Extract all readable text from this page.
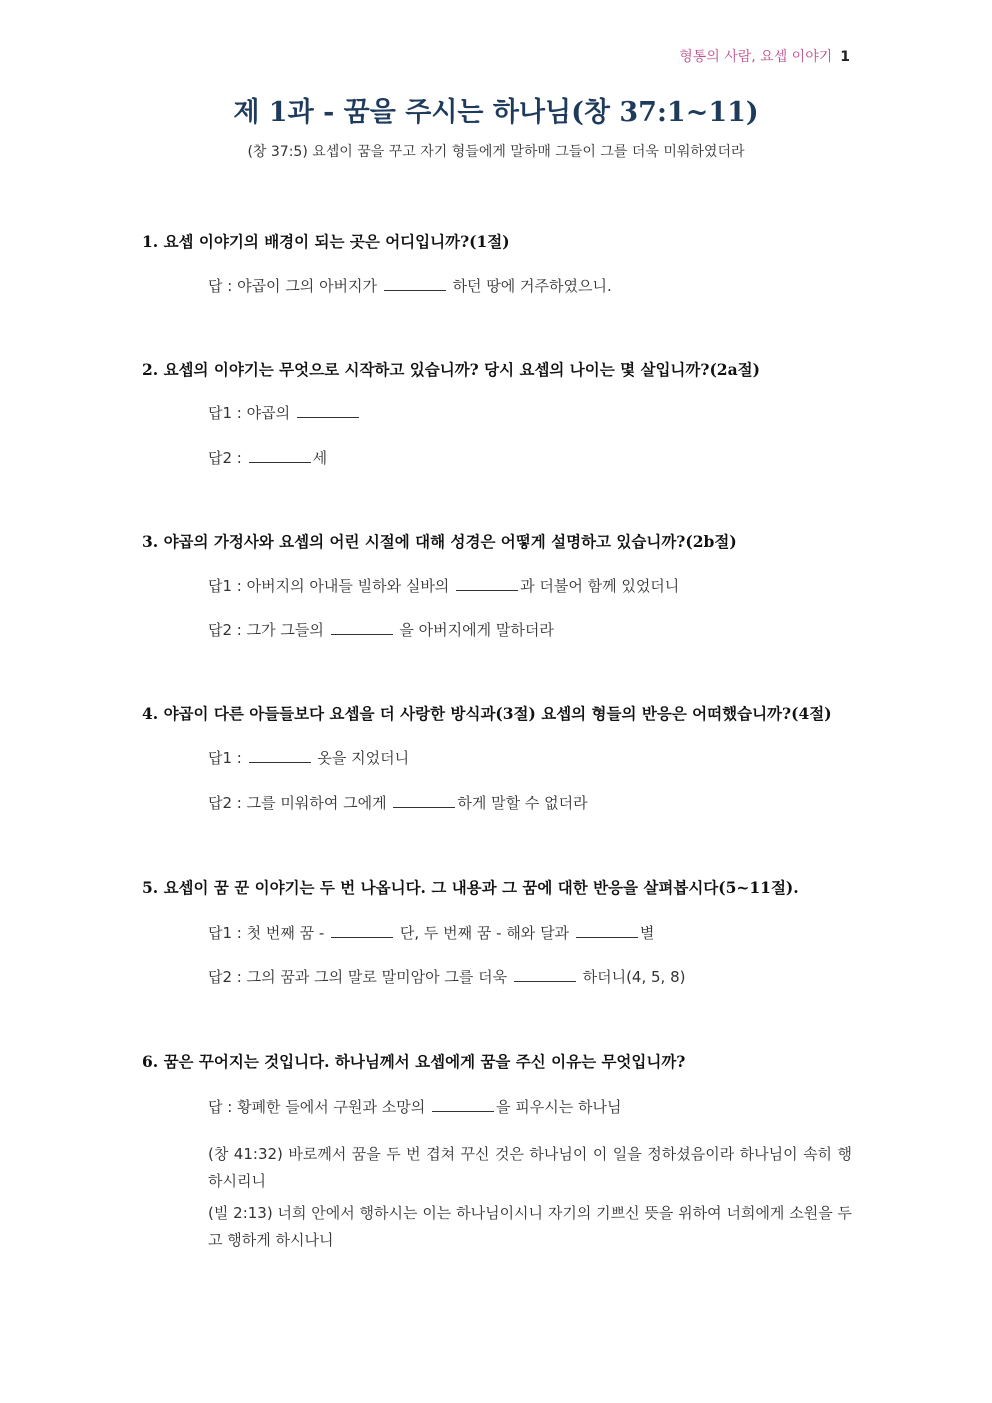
형통의 사람, 요셉 이야기 1
제 1과 - 꿈을 주시는 하나님(창 37:1~11)
(창 37:5) 요셉이 꿈을 꾸고 자기 형들에게 말하매 그들이 그를 더욱 미워하였더라
1. 요셉 이야기의 배경이 되는 곳은 어디입니까?(1절)
답 : 야곱이 그의 아버지가	하던 땅에 거주하였으니.
2. 요셉의 이야기는 무엇으로 시작하고 있습니까? 당시 요셉의 나이는 몇 살입니까?(2a절)
답1 : 야곱의
답2 :	세
3. 야곱의 가정사와 요셉의 어린 시절에 대해 성경은 어떻게 설명하고 있습니까?(2b절)
답1 : 아버지의 아내들 빌하와 실바의	과 더불어 함께 있었더니
답2 : 그가 그들의	을 아버지에게 말하더라
4. 야곱이 다른 아들들보다 요셉을 더 사랑한 방식과(3절) 요셉의 형들의 반응은 어떠했습니까?(4절)
답1 :	옷을 지었더니
답2 : 그를 미워하여 그에게	하게 말할 수 없더라
5. 요셉이 꿈 꾼 이야기는 두 번 나옵니다. 그 내용과 그 꿈에 대한 반응을 살펴봅시다(5~11절).
답1 : 첫 번째 꿈 -	단, 두 번째 꿈 - 해와 달과	별
답2 : 그의 꿈과 그의 말로 말미암아 그를 더욱	하더니(4, 5, 8)
6. 꿈은 꾸어지는 것입니다. 하나님께서 요셉에게 꿈을 주신 이유는 무엇입니까?
답 : 황폐한 들에서 구원과 소망의	을 피우시는 하나님
(창 41:32) 바로께서 꿈을 두 번 겹쳐 꾸신 것은 하나님이 이 일을 정하셨음이라 하나님이 속히 행하시리니
(빌 2:13) 너희 안에서 행하시는 이는 하나님이시니 자기의 기쁘신 뜻을 위하여 너희에게 소원을 두고 행하게 하시나니
